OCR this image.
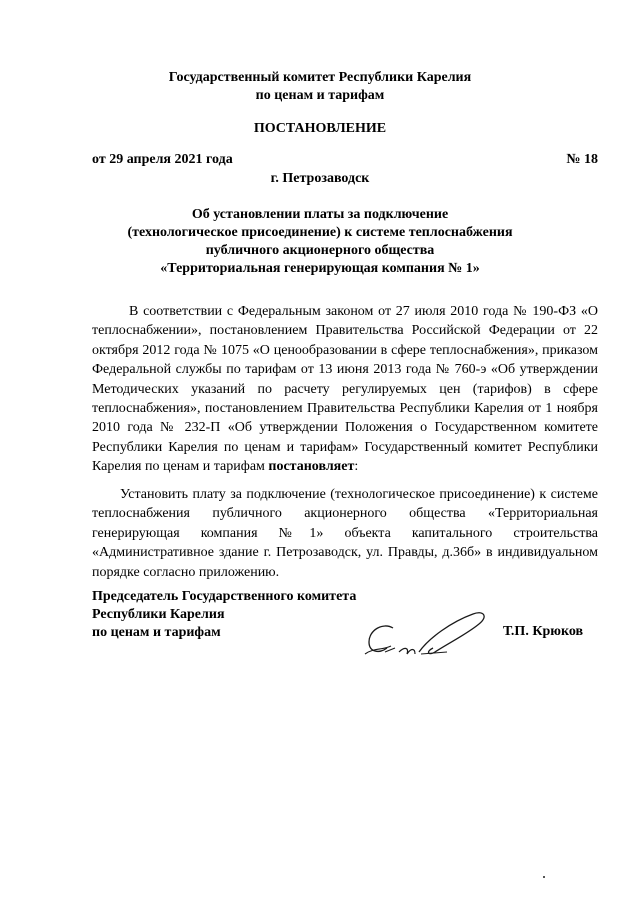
Государственный комитет Республики Карелия
по ценам и тарифам
ПОСТАНОВЛЕНИЕ
от 29 апреля 2021 года	№ 18
г. Петрозаводск
Об установлении платы за подключение
(технологическое присоединение) к системе теплоснабжения
публичного акционерного общества
«Территориальная генерирующая компания № 1»
В соответствии с Федеральным законом от 27 июля 2010 года № 190-ФЗ «О теплоснабжении», постановлением Правительства Российской Федерации от 22 октября 2012 года № 1075 «О ценообразовании в сфере теплоснабжения», приказом Федеральной службы по тарифам от 13 июня 2013 года № 760-э «Об утверждении Методических указаний по расчету регулируемых цен (тарифов) в сфере теплоснабжения», постановлением Правительства Республики Карелия от 1 ноября 2010 года № 232-П «Об утверждении Положения о Государственном комитете Республики Карелия по ценам и тарифам» Государственный комитет Республики Карелия по ценам и тарифам постановляет:
Установить плату за подключение (технологическое присоединение) к системе теплоснабжения публичного акционерного общества «Территориальная генерирующая компания №1» объекта капитального строительства «Административное здание г. Петрозаводск, ул. Правды, д.36б» в индивидуальном порядке согласно приложению.
Председатель Государственного комитета
Республики Карелия
по ценам и тарифам	Т.П. Крюков
